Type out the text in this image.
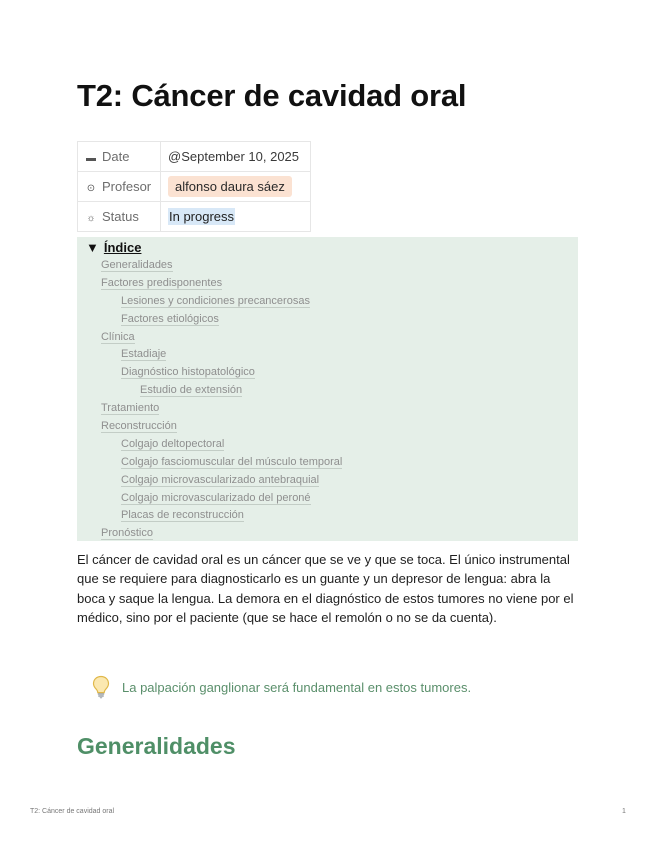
T2: Cáncer de cavidad oral
▬ Date	@September 10, 2025
⊙ Profesor	alfonso daura sáez
☼ Status	In progress
▼ Índice
Generalidades
Factores predisponentes
Lesiones y condiciones precancerosas
Factores etiológicos
Clínica
Estadiaje
Diagnóstico histopatológico
Estudio de extensión
Tratamiento
Reconstrucción
Colgajo deltopectoral
Colgajo fasciomuscular del músculo temporal
Colgajo microvascularizado antebraquial
Colgajo microvascularizado del peroné
Placas de reconstrucción
Pronóstico

El cáncer de cavidad oral es un cáncer que se ve y que se toca. El único instrumental que se requiere para diagnosticarlo es un guante y un depresor de lengua: abra la boca y saque la lengua. La demora en el diagnóstico de estos tumores no viene por el médico, sino por el paciente (que se hace el remolón o no se da cuenta).

La palpación ganglionar será fundamental en estos tumores.
Generalidades
T2: Cáncer de cavidad oral	1
